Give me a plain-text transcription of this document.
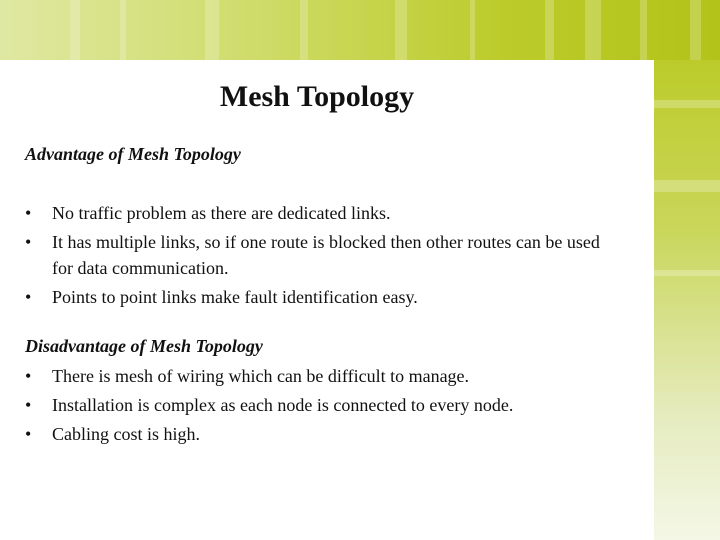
Mesh Topology
Advantage of Mesh Topology
• No traffic problem as there are dedicated links.
• It has multiple links, so if one route is blocked then other routes can be used for data communication.
• Points to point links make fault identification easy.
Disadvantage of Mesh Topology
• There is mesh of wiring which can be difficult to manage.
• Installation is complex as each node is connected to every node.
• Cabling cost is high.
